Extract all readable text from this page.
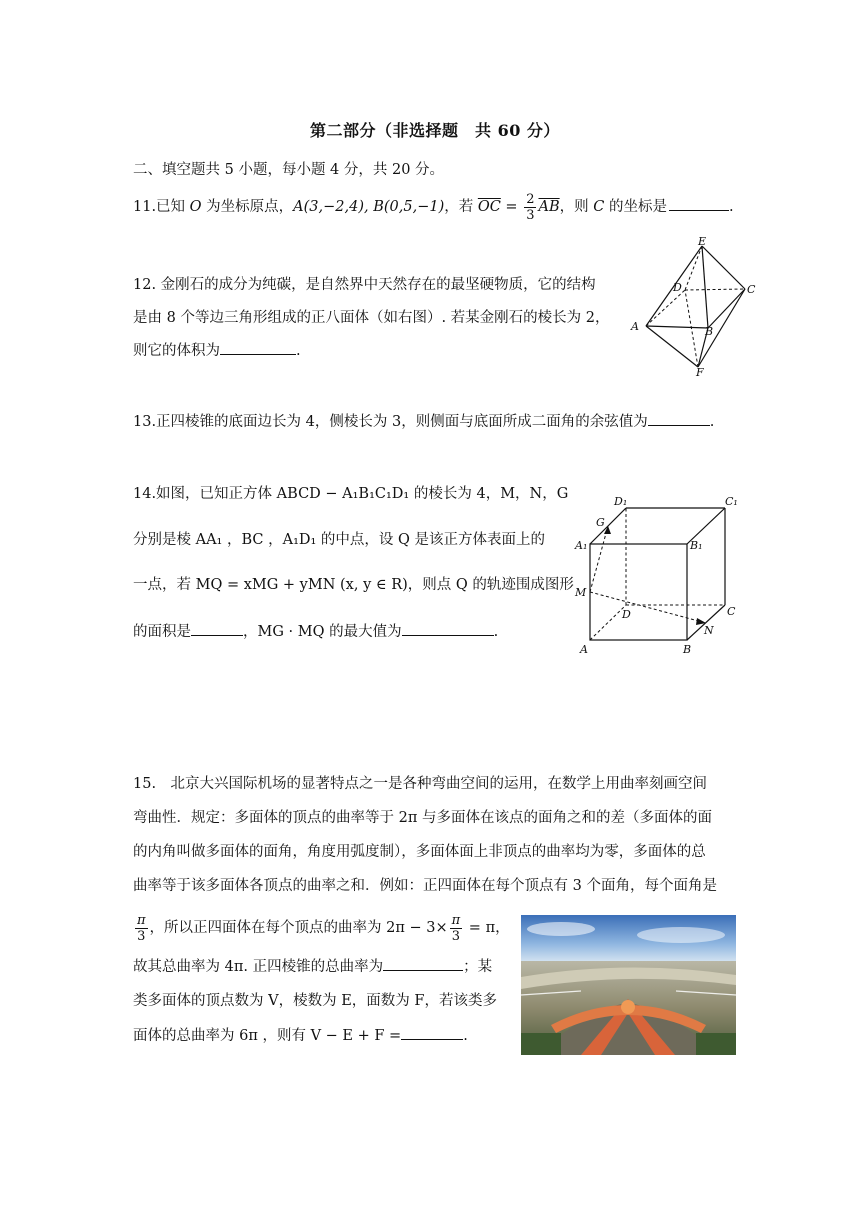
第二部分（非选择题　共 60 分）
二、填空题共 5 小题，每小题 4 分，共 20 分。
11.已知 O 为坐标原点，A(3,−2,4), B(0,5,−1)，若 $\overline{OC} = \frac{2}{3} \overline{AB}$，则 C 的坐标是	.
12. 金刚石的成分为纯碳，是自然界中天然存在的最坚硬物质，它的结构
是由 8 个等边三角形组成的正八面体（如右图）. 若某金刚石的棱长为 2，
则它的体积为	.
E
D	C
A	B
F
13.正四棱锥的底面边长为 4，侧棱长为 3，则侧面与底面所成二面角的余弦值为	.
14.如图，已知正方体 ABCD − A₁B₁C₁D₁ 的棱长为 4，M，N，G
分别是棱 AA₁ ，BC ，A₁D₁ 的中点，设 Q 是该正方体表面上的
一点，若 MQ = xMG + yMN (x, y ∈ R)，则点 Q 的轨迹围成图形
的面积是	，MG · MQ 的最大值为	.
D₁	C₁
G
A₁	B₁
M
D	C
N
A	B
15.　北京大兴国际机场的显著特点之一是各种弯曲空间的运用，在数学上用曲率刻画空间
弯曲性．规定：多面体的顶点的曲率等于 2π 与多面体在该点的面角之和的差（多面体的面
的内角叫做多面体的面角，角度用弧度制），多面体面上非顶点的曲率均为零，多面体的总
曲率等于该多面体各顶点的曲率之和．例如：正四面体在每个顶点有 3 个面角，每个面角是
$\frac{\pi}{3}$ ，所以正四面体在每个顶点的曲率为 $2\pi - 3\times \frac{\pi}{3} = \pi$，
故其总曲率为 4π. 正四棱锥的总曲率为	；某
类多面体的顶点数为 V，棱数为 E，面数为 F，若该类多
面体的总曲率为 6π ，则有 V − E + F =	.
